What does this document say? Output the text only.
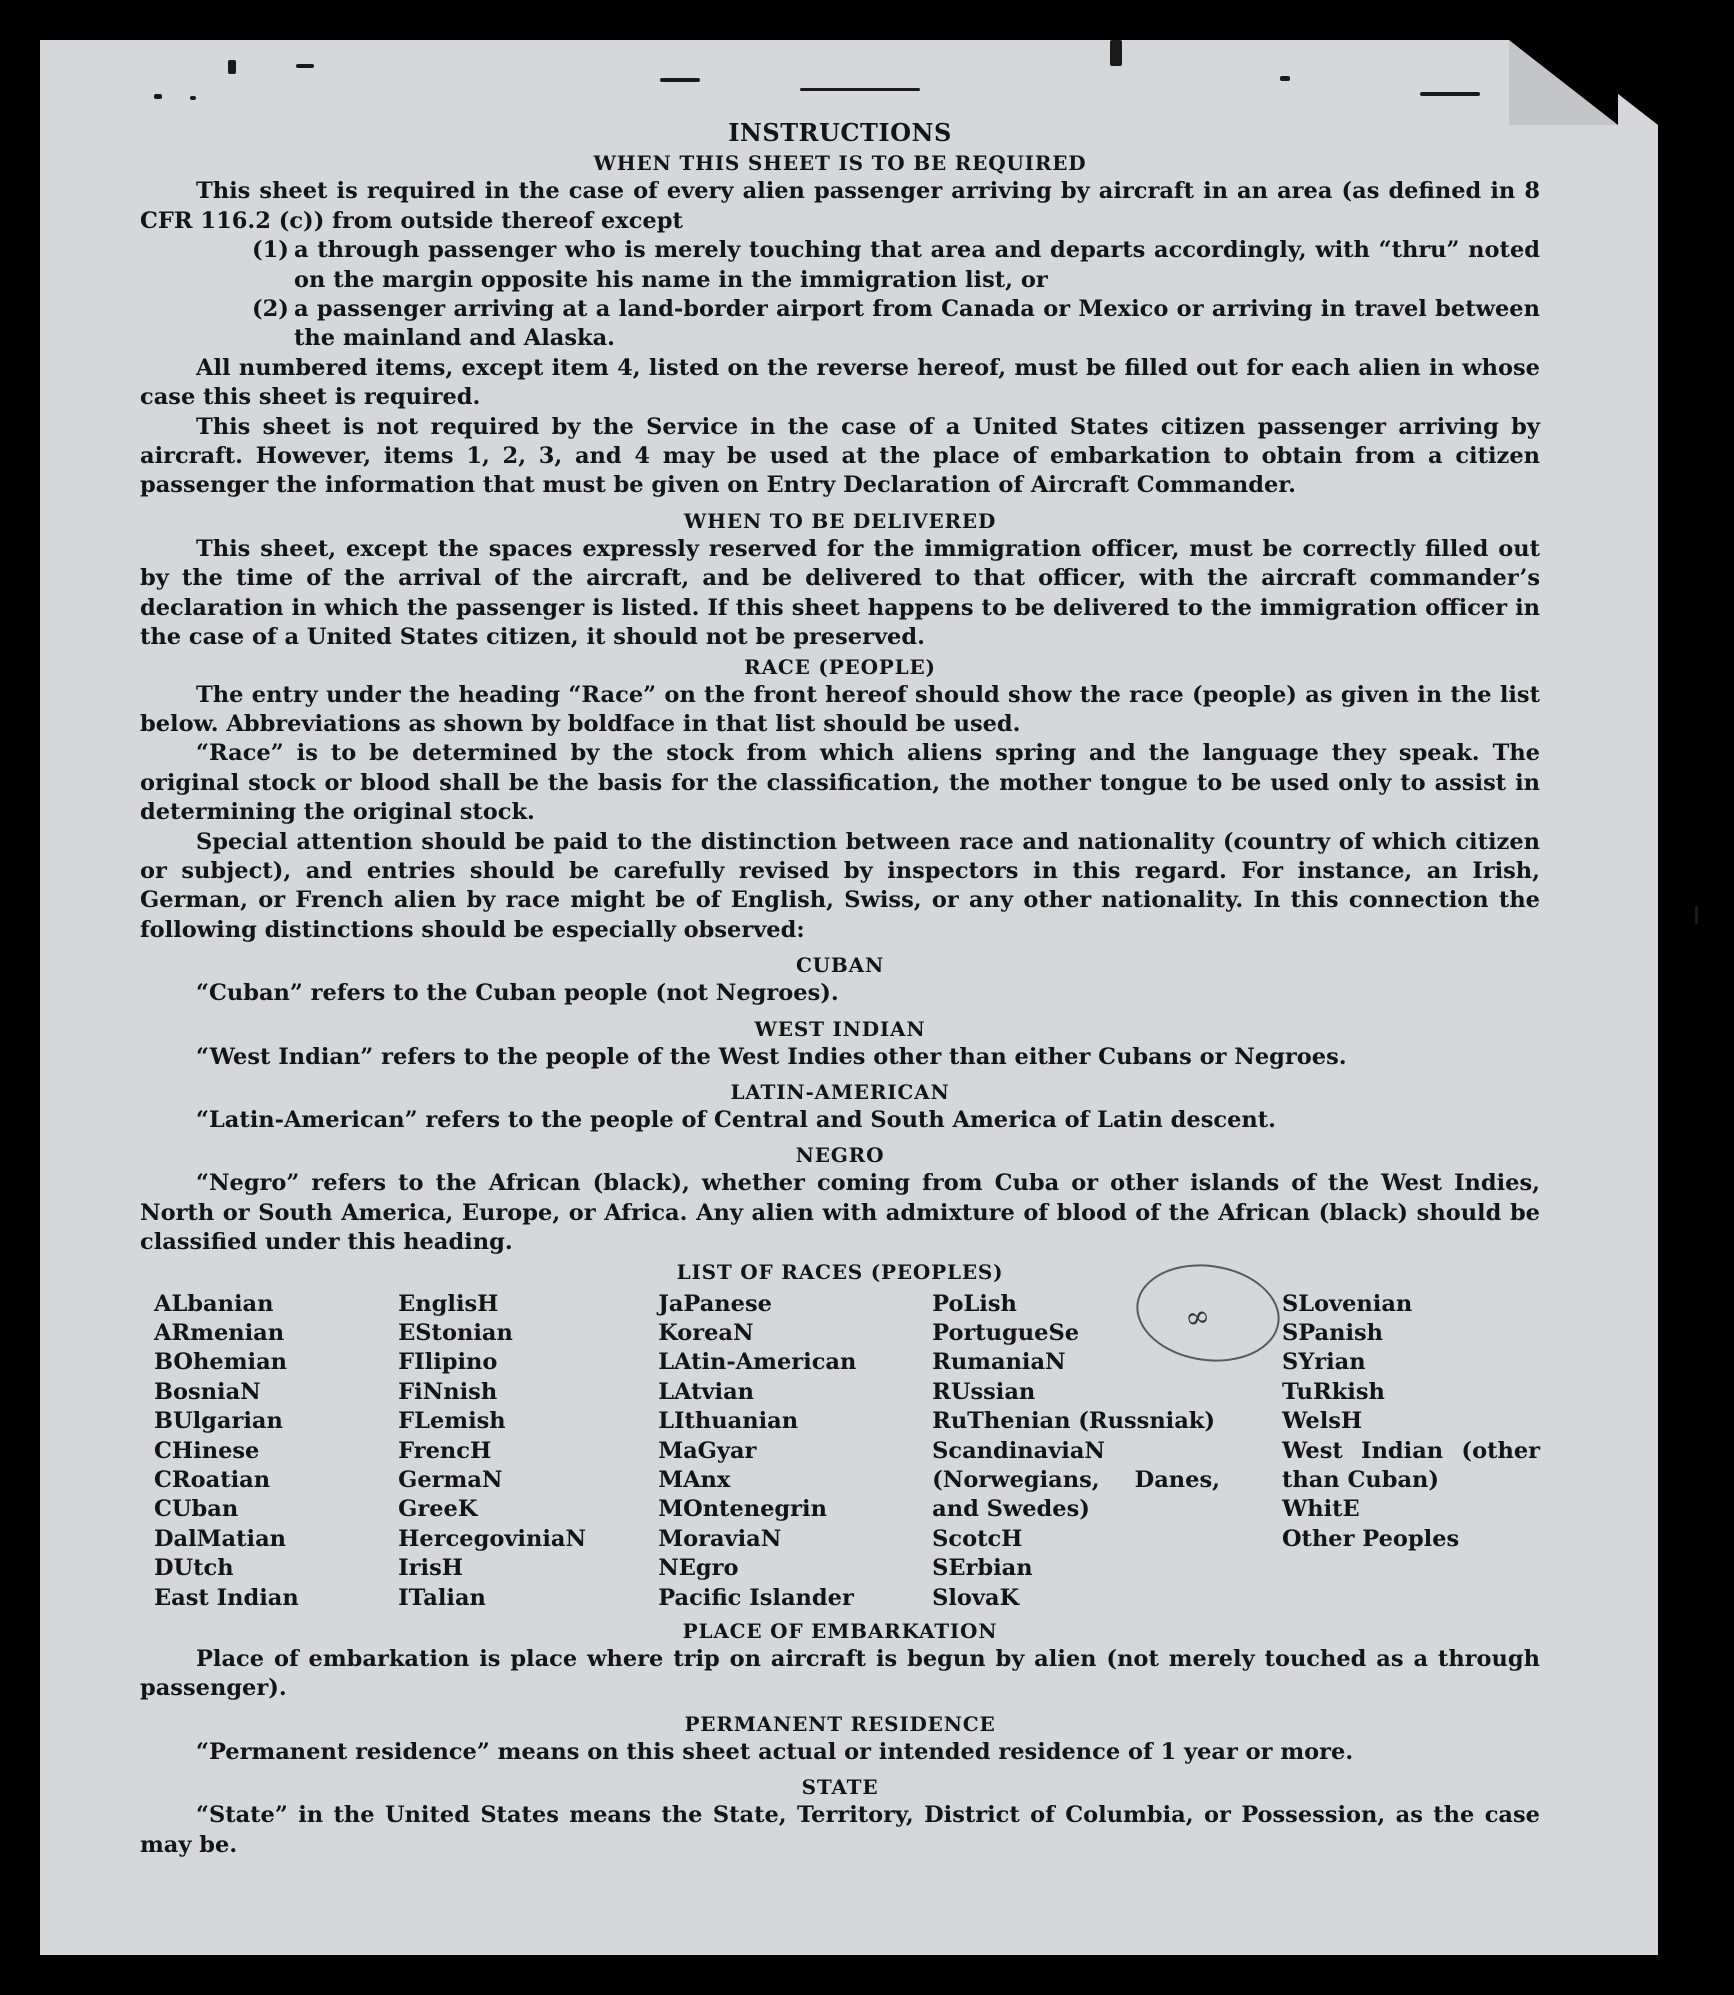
∞
INSTRUCTIONS
WHEN THIS SHEET IS TO BE REQUIRED

This sheet is required in the case of every alien passenger arriving by aircraft in an area (as defined in 8 CFR 116.2 (c)) from outside thereof except

(1) a through passenger who is merely touching that area and departs accordingly, with “thru” noted on the margin opposite his name in the immigration list, or
(2) a passenger arriving at a land-border airport from Canada or Mexico or arriving in travel between the mainland and Alaska.

All numbered items, except item 4, listed on the reverse hereof, must be filled out for each alien in whose case this sheet is required.

This sheet is not required by the Service in the case of a United States citizen passenger arriving by aircraft. However, items 1, 2, 3, and 4 may be used at the place of embarkation to obtain from a citizen passenger the information that must be given on Entry Declaration of Aircraft Commander.

WHEN TO BE DELIVERED

This sheet, except the spaces expressly reserved for the immigration officer, must be correctly filled out by the time of the arrival of the aircraft, and be delivered to that officer, with the aircraft commander’s declaration in which the passenger is listed. If this sheet happens to be delivered to the immigration officer in the case of a United States citizen, it should not be preserved.

RACE (PEOPLE)

The entry under the heading “Race” on the front hereof should show the race (people) as given in the list below. Abbreviations as shown by boldface in that list should be used.

“Race” is to be determined by the stock from which aliens spring and the language they speak. The original stock or blood shall be the basis for the classification, the mother tongue to be used only to assist in determining the original stock.

Special attention should be paid to the distinction between race and nationality (country of which citizen or subject), and entries should be carefully revised by inspectors in this regard. For instance, an Irish, German, or French alien by race might be of English, Swiss, or any other nationality. In this connection the following distinctions should be especially observed:

CUBAN

“Cuban” refers to the Cuban people (not Negroes).

WEST INDIAN

“West Indian” refers to the people of the West Indies other than either Cubans or Negroes.

LATIN-AMERICAN

“Latin-American” refers to the people of Central and South America of Latin descent.

NEGRO

“Negro” refers to the African (black), whether coming from Cuba or other islands of the West Indies, North or South America, Europe, or Africa. Any alien with admixture of blood of the African (black) should be classified under this heading.

LIST OF RACES (PEOPLES)
ALbanian
ARmenian
BOhemian
BosniaN
BUlgarian
CHinese
CRoatian
CUban
DalMatian
DUtch
East Indian
EnglisH
EStonian
FIlipino
FiNnish
FLemish
FrencH
GermaN
GreeK
HercegoviniaN
IrisH
ITalian
JaPanese
KoreaN
LAtin-American
LAtvian
LIthuanian
MaGyar
MAnx
MOntenegrin
MoraviaN
NEgro
Pacific Islander
PoLish
PortugueSe
RumaniaN
RUssian
RuThenian (Russniak)
ScandinaviaN (Norwegians, Danes, and Swedes)
ScotcH
SErbian
SlovaK
SLovenian
SPanish
SYrian
TuRkish
WelsH
West Indian (other than Cuban)
WhitE
Other Peoples
PLACE OF EMBARKATION

Place of embarkation is place where trip on aircraft is begun by alien (not merely touched as a through passenger).

PERMANENT RESIDENCE

“Permanent residence” means on this sheet actual or intended residence of 1 year or more.

STATE

“State” in the United States means the State, Territory, District of Columbia, or Possession, as the case may be.
